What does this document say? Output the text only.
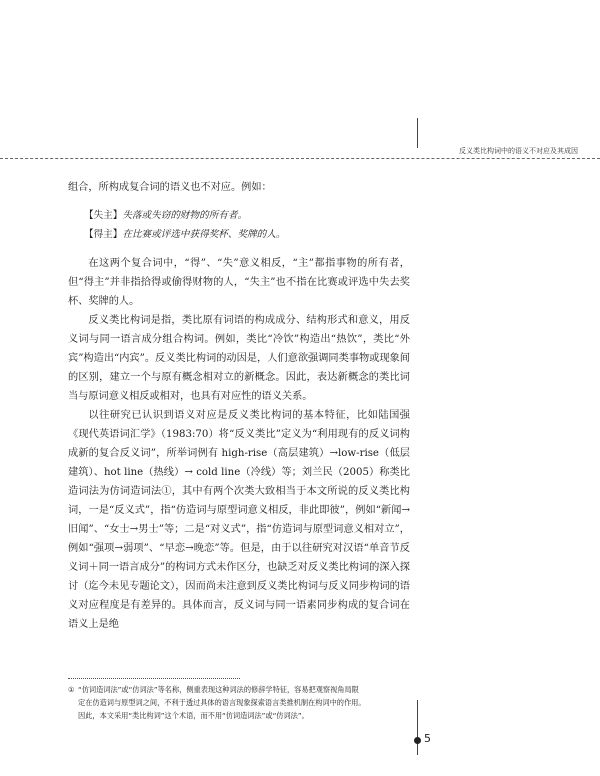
反义类比构词中的语义不对应及其成因

组合，所构成复合词的语义也不对应。例如：

【失主】失落或失窃的财物的所有者。
【得主】在比赛或评选中获得奖杯、奖牌的人。

在这两个复合词中，“得”、“失”意义相反，“主”都指事物的所有者，但“得主”并非指拾得或偷得财物的人，“失主”也不指在比赛或评选中失去奖杯、奖牌的人。

反义类比构词是指，类比原有词语的构成成分、结构形式和意义，用反义词与同一语言成分组合构词。例如，类比“冷饮”构造出“热饮”，类比“外宾”构造出“内宾”。反义类比构词的动因是，人们意欲强调同类事物或现象间的区别，建立一个与原有概念相对立的新概念。因此，表达新概念的类比词当与原词意义相反或相对，也具有对应性的语义关系。

以往研究已认识到语义对应是反义类比构词的基本特征，比如陆国强《现代英语词汇学》（1983:70）将“反义类比”定义为“利用现有的反义词构成新的复合反义词”，所举词例有 high-rise（高层建筑）→low-rise（低层建筑）、hot line（热线）→ cold line（冷线）等；刘兰民（2005）称类比造词法为仿词造词法①，其中有两个次类大致相当于本文所说的反义类比构词，一是“反义式”，指“仿造词与原型词意义相反，非此即彼”，例如“新闻→旧闻”、“女士→男士”等；二是“对义式”，指“仿造词与原型词意义相对立”，例如“强项→弱项”、“早恋→晚恋”等。但是，由于以往研究对汉语“单音节反义词＋同一语言成分”的构词方式未作区分，也缺乏对反义类比构词的深入探讨（迄今未见专题论文），因而尚未注意到反义类比构词与反义同步构词的语义对应程度是有差异的。具体而言，反义词与同一语素同步构成的复合词在语义上是绝

① “仿词造词法”或“仿词法”等名称，侧重表现这种词法的修辞学特征，容易把观察视角局限
定在仿造词与原型词之间，不利于透过具体的语言现象探索语言类推机制在构词中的作用。
因此，本文采用“类比构词”这个术语，而不用“仿词造词法”或“仿词法”。
5
